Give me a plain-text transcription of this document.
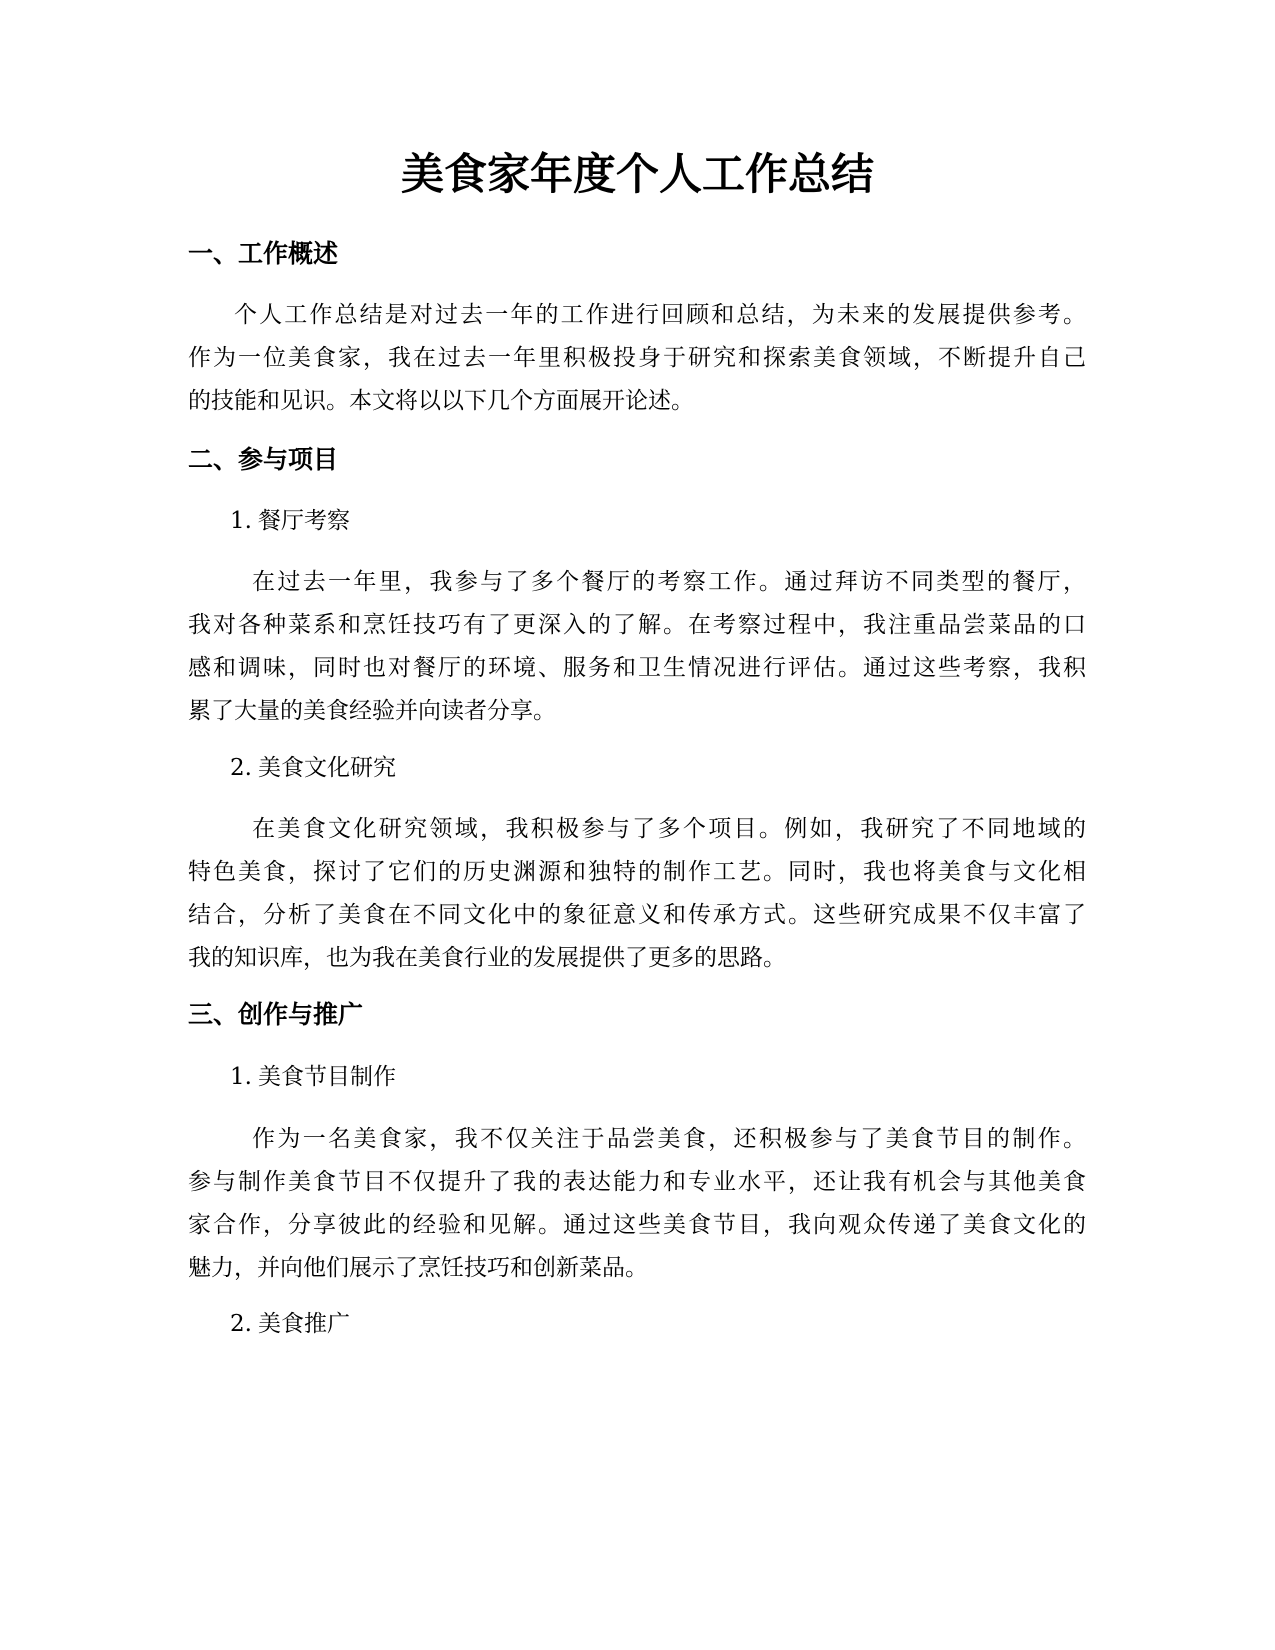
美食家年度个人工作总结
一、工作概述
个人工作总结是对过去一年的工作进行回顾和总结，为未来的发展提供参考。
作为一位美食家，我在过去一年里积极投身于研究和探索美食领域，不断提升自己
的技能和见识。本文将以以下几个方面展开论述。
二、参与项目
1. 餐厅考察
在过去一年里，我参与了多个餐厅的考察工作。通过拜访不同类型的餐厅，
我对各种菜系和烹饪技巧有了更深入的了解。在考察过程中，我注重品尝菜品的口
感和调味，同时也对餐厅的环境、服务和卫生情况进行评估。通过这些考察，我积
累了大量的美食经验并向读者分享。
2. 美食文化研究
在美食文化研究领域，我积极参与了多个项目。例如，我研究了不同地域的
特色美食，探讨了它们的历史渊源和独特的制作工艺。同时，我也将美食与文化相
结合，分析了美食在不同文化中的象征意义和传承方式。这些研究成果不仅丰富了
我的知识库，也为我在美食行业的发展提供了更多的思路。
三、创作与推广
1. 美食节目制作
作为一名美食家，我不仅关注于品尝美食，还积极参与了美食节目的制作。
参与制作美食节目不仅提升了我的表达能力和专业水平，还让我有机会与其他美食
家合作，分享彼此的经验和见解。通过这些美食节目，我向观众传递了美食文化的
魅力，并向他们展示了烹饪技巧和创新菜品。
2. 美食推广
